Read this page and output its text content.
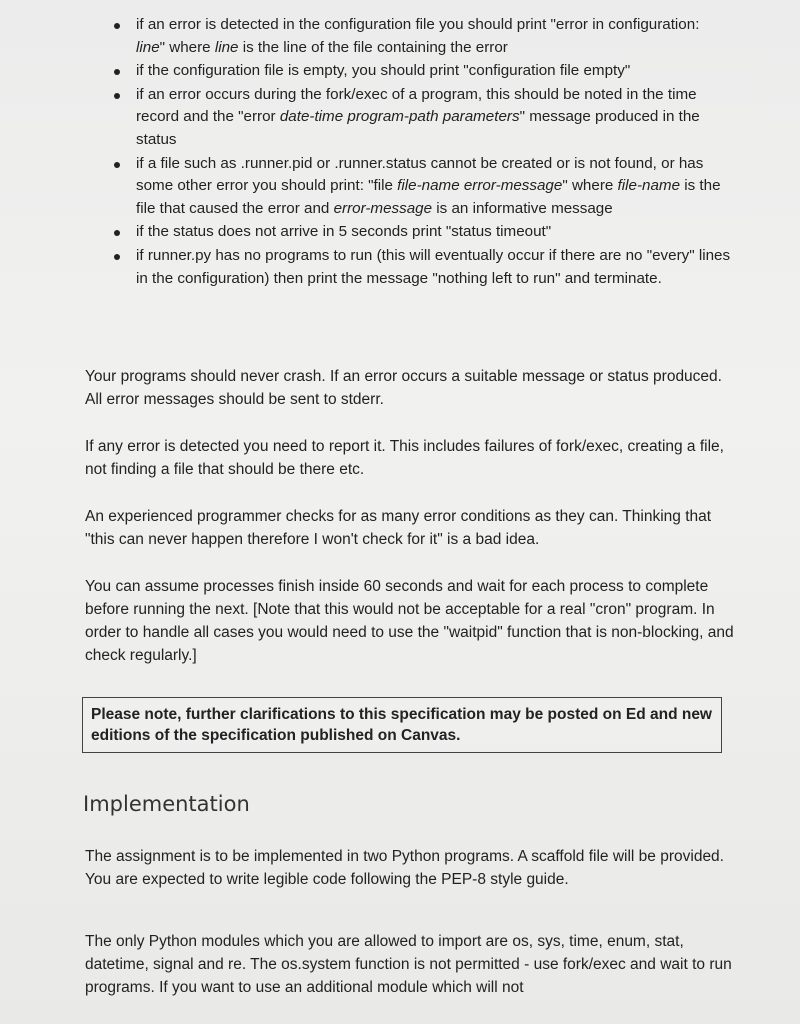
if an error is detected in the configuration file you should print "error in configuration: line" where line is the line of the file containing the error
if the configuration file is empty, you should print "configuration file empty"
if an error occurs during the fork/exec of a program, this should be noted in the time record and the "error date-time program-path parameters" message produced in the status
if a file such as .runner.pid or .runner.status cannot be created or is not found, or has some other error you should print: "file file-name error-message" where file-name is the file that caused the error and error-message is an informative message
if the status does not arrive in 5 seconds print "status timeout"
if runner.py has no programs to run (this will eventually occur if there are no "every" lines in the configuration) then print the message "nothing left to run" and terminate.

Your programs should never crash. If an error occurs a suitable message or status produced. All error messages should be sent to stderr.

If any error is detected you need to report it. This includes failures of fork/exec, creating a file, not finding a file that should be there etc.

An experienced programmer checks for as many error conditions as they can. Thinking that "this can never happen therefore I won't check for it" is a bad idea.

You can assume processes finish inside 60 seconds and wait for each process to complete before running the next. [Note that this would not be acceptable for a real "cron" program. In order to handle all cases you would need to use the "waitpid" function that is non-blocking, and check regularly.]

Please note, further clarifications to this specification may be posted on Ed and new editions of the specification published on Canvas.
Implementation

The assignment is to be implemented in two Python programs. A scaffold file will be provided. You are expected to write legible code following the PEP-8 style guide.

The only Python modules which you are allowed to import are os, sys, time, enum, stat, datetime, signal and re. The os.system function is not permitted - use fork/exec and wait to run programs. If you want to use an additional module which will not
